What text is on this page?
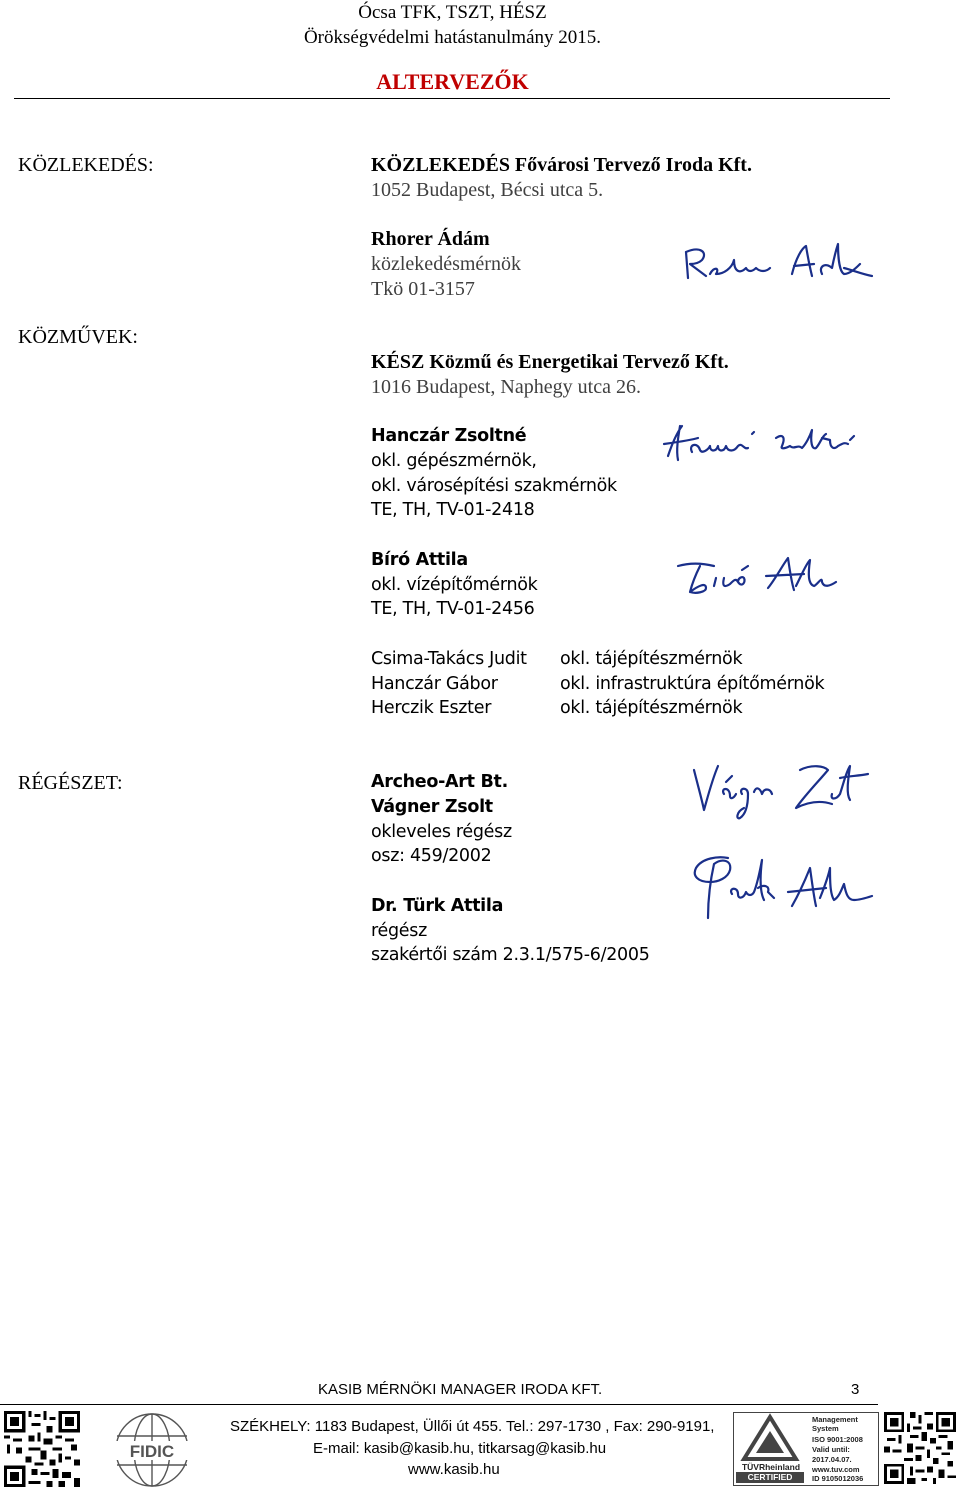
Ócsa TFK, TSZT, HÉSZ
Örökségvédelmi hatástanulmány 2015.
ALTERVEZŐK
KÖZLEKEDÉS:	KÖZLEKEDÉS Fővárosi Tervező Iroda Kft.
1052 Budapest, Bécsi utca 5.
Rhorer Ádám
közlekedésmérnök
Tkö 01-3157
KÖZMŰVEK:
KÉSZ Közmű és Energetikai Tervező Kft.
1016 Budapest, Naphegy utca 26.
Hanczár Zsoltné
okl. gépészmérnök,
okl. városépítési szakmérnök
TE, TH, TV-01-2418
Bíró Attila
okl. vízépítőmérnök
TE, TH, TV-01-2456
Csima-Takács Judit okl. tájépítészmérnök
Hanczár Gábor	okl. infrastruktúra építőmérnök
Herczik Eszter	okl. tájépítészmérnök
RÉGÉSZET:	Archeo-Art Bt.
Vágner Zsolt
okleveles régész
osz: 459/2002
Dr. Türk Attila
régész
szakértői szám 2.3.1/575-6/2005
KASIB MÉRNÖKI MANAGER IRODA KFT.	3
SZÉKHELY: 1183 Budapest, Üllői út 455. Tel.: 297-1730 , Fax: 290-9191,
E-mail: kasib@kasib.hu, titkarsag@kasib.hu
www.kasib.hu
FIDIC
TÜVRheinland
CERTIFIED
Management System
ISO 9001:2008
Valid until:
2017.04.07.
www.tuv.com
ID 9105012036
